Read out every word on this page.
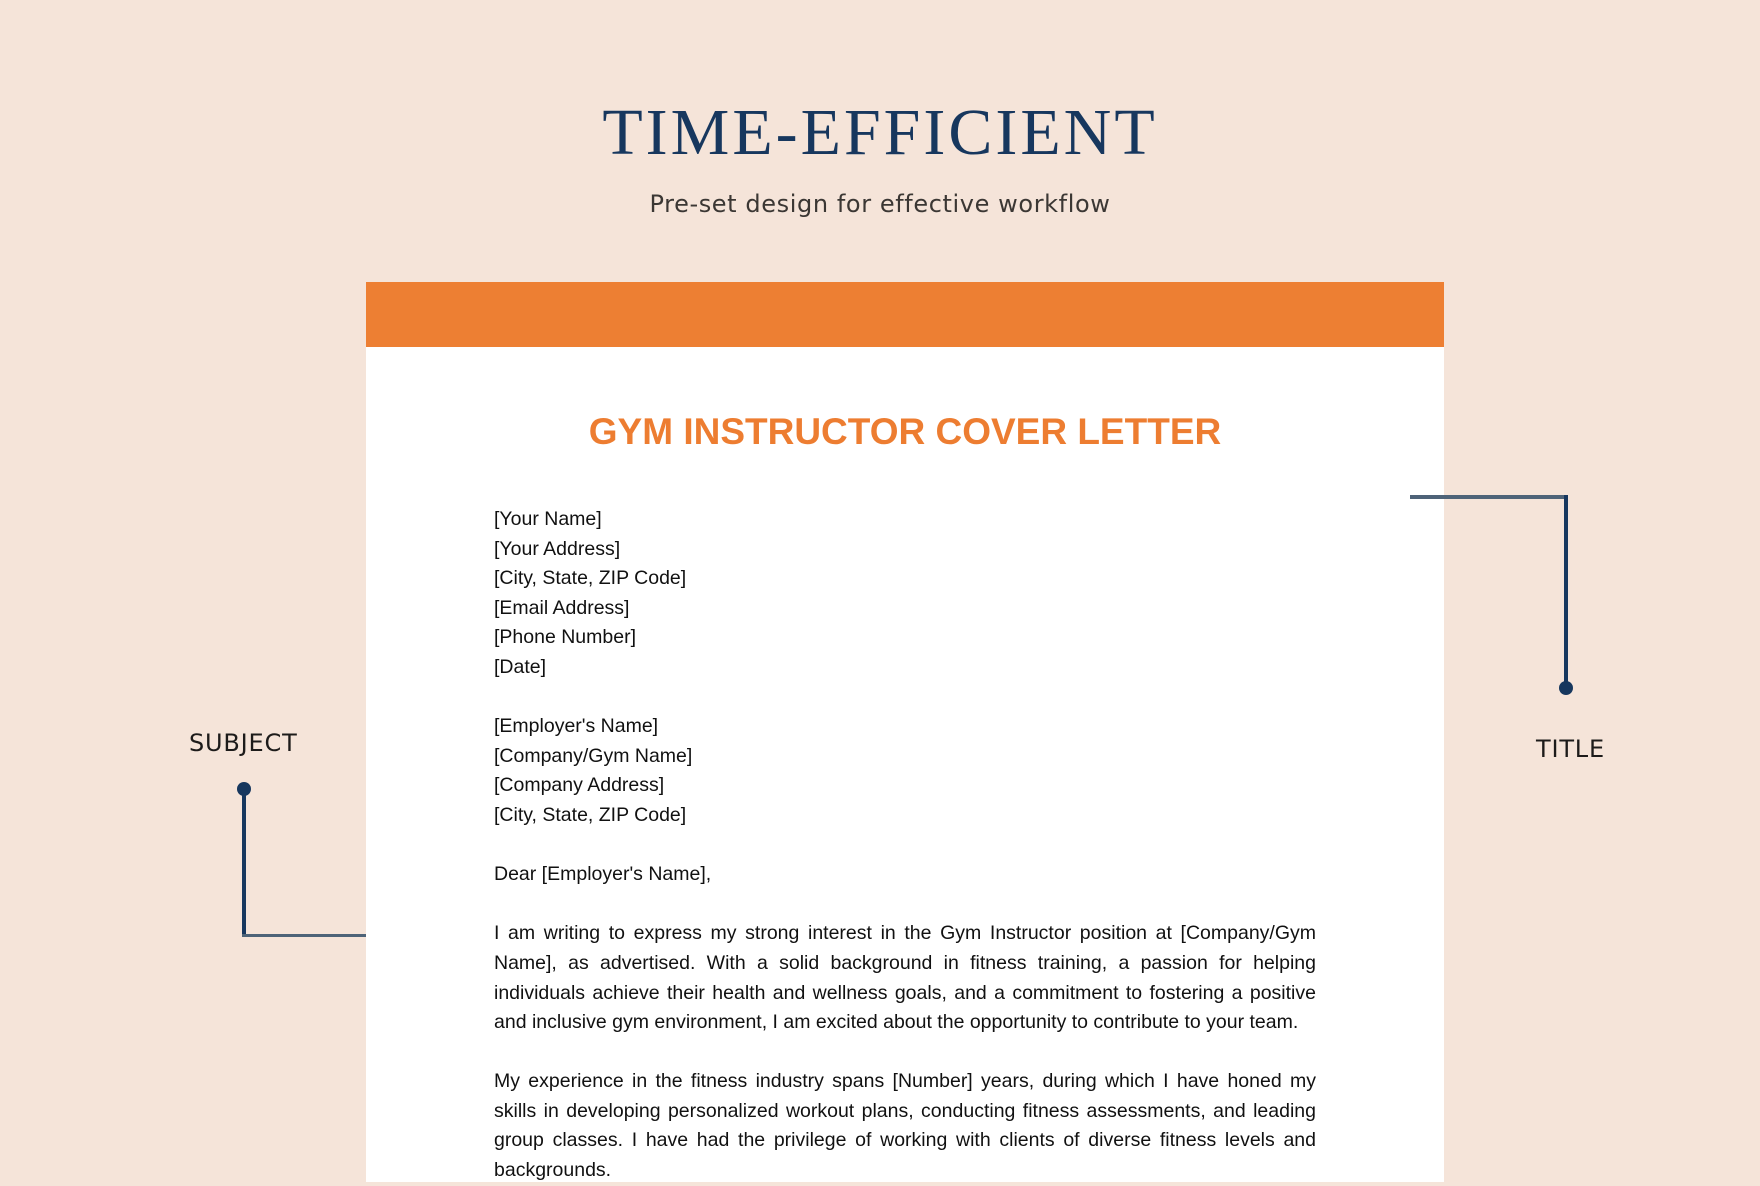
TIME-EFFICIENT

Pre-set design for effective workflow

SUBJECT
GYM INSTRUCTOR COVER LETTER
[Your Name]
[Your Address]
[City, State, ZIP Code]
[Email Address]
[Phone Number]
[Date]
[Employer's Name]
[Company/Gym Name]
[Company Address]
[City, State, ZIP Code]
Dear [Employer's Name],

I am writing to express my strong interest in the Gym Instructor position at [Company/Gym Name], as advertised. With a solid background in fitness training, a passion for helping individuals achieve their health and wellness goals, and a commitment to fostering a positive and inclusive gym environment, I am excited about the opportunity to contribute to your team.

My experience in the fitness industry spans [Number] years, during which I have honed my skills in developing personalized workout plans, conducting fitness assessments, and leading group classes. I have had the privilege of working with clients of diverse fitness levels and backgrounds.

TITLE
